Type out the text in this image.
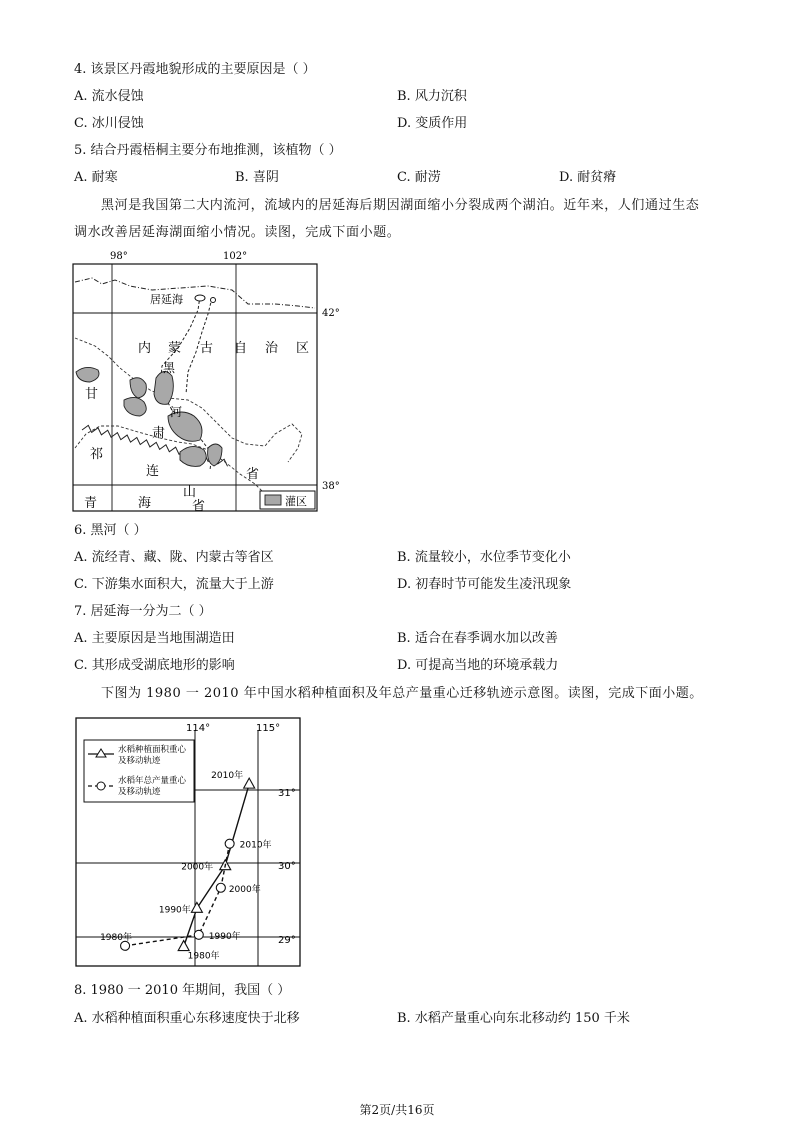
4. 该景区丹霞地貌形成的主要原因是（ ）
A. 流水侵蚀	B. 风力沉积
C. 冰川侵蚀	D. 变质作用
5. 结合丹霞梧桐主要分布地推测，该植物（ ）
A. 耐寒	B. 喜阴	C. 耐涝	D. 耐贫瘠
黑河是我国第二大内流河，流域内的居延海后期因湖面缩小分裂成两个湖泊。近年来，人们通过生态
调水改善居延海湖面缩小情况。读图，完成下面小题。
98°	102°
42°
38°
居延海
内 蒙 古 自 治 区
黑
河
甘
肃
省
祁
连
山
青	海	省	灌区
6. 黑河（ ）
A. 流经青、藏、陇、内蒙古等省区	B. 流量较小，水位季节变化小
C. 下游集水面积大，流量大于上游	D. 初春时节可能发生凌汛现象
7. 居延海一分为二（ ）
A. 主要原因是当地围湖造田	B. 适合在春季调水加以改善
C. 其形成受湖底地形的影响	D. 可提高当地的环境承载力
下图为 1980 一 2010 年中国水稻种植面积及年总产量重心迁移轨迹示意图。读图，完成下面小题。
114°	115°
31°
30°
29°
水稻种植面积重心
及移动轨迹
水稻年总产量重心
及移动轨迹
1980年
1990年
2000年
2010年
1980年	1990年
2000年
2010年
8. 1980 一 2010 年期间，我国（ ）
A. 水稻种植面积重心东移速度快于北移	B. 水稻产量重心向东北移动约 150 千米
第2页/共16页
